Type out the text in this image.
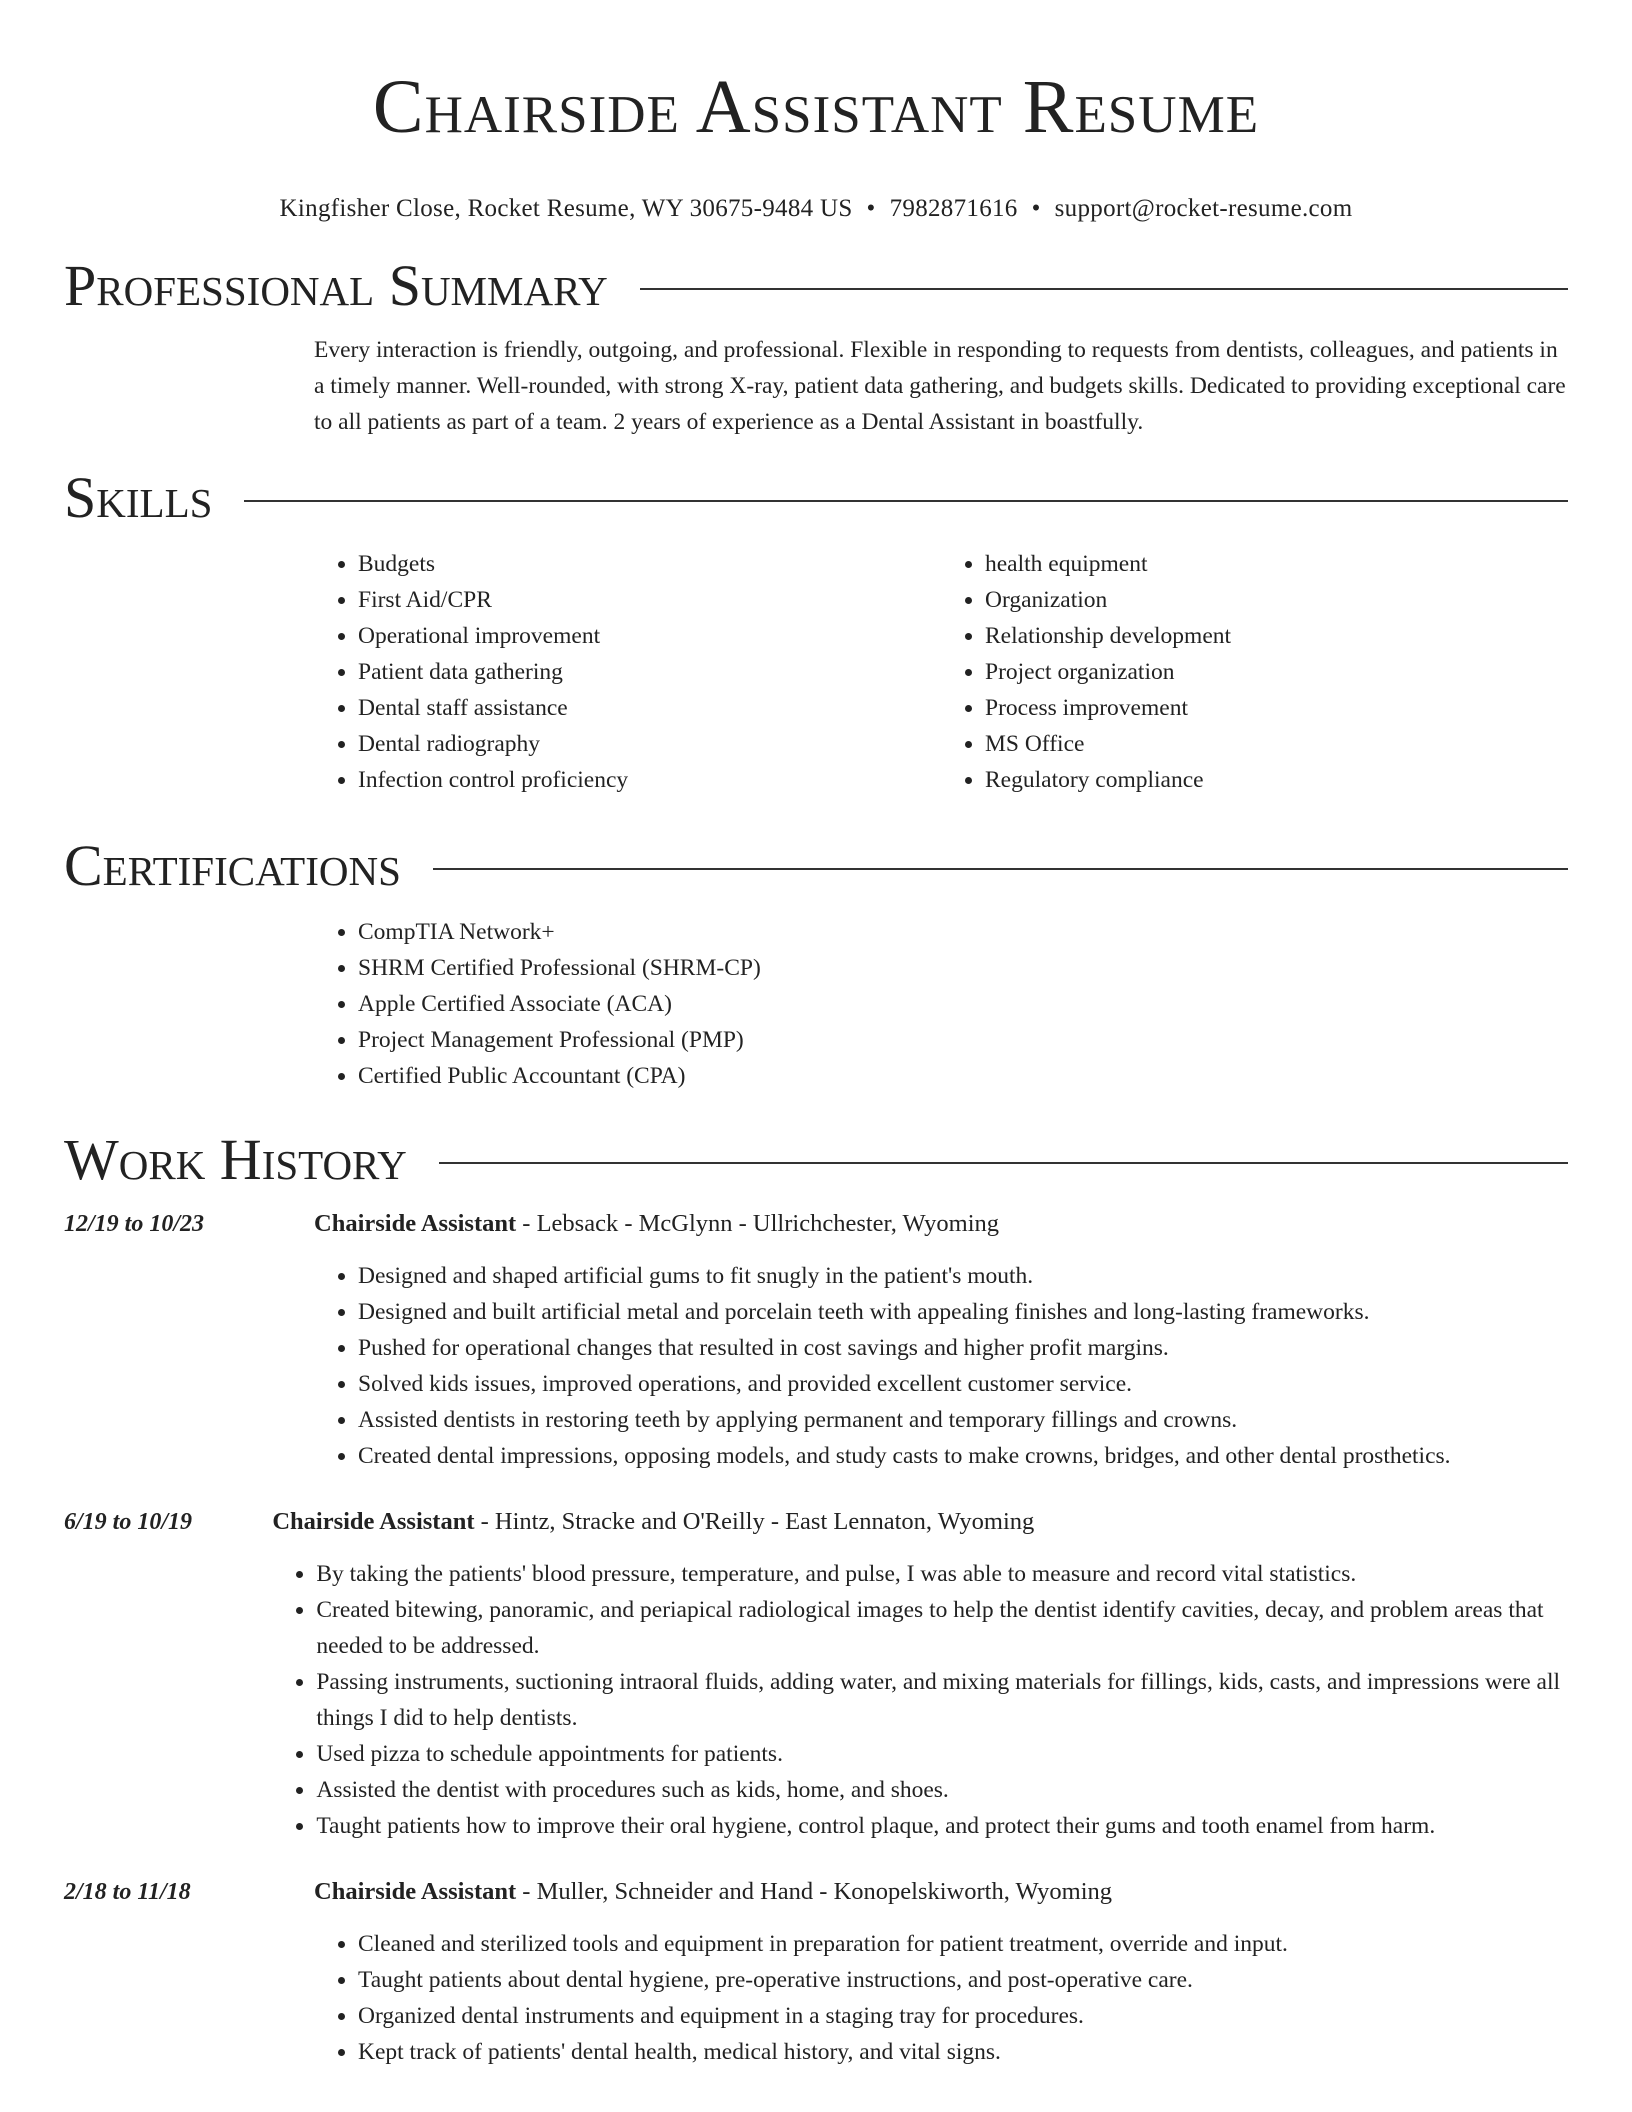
Chairside Assistant Resume
Kingfisher Close, Rocket Resume, WY 30675-9484 US • 7982871616 • support@rocket-resume.com
Professional Summary

Every interaction is friendly, outgoing, and professional. Flexible in responding to requests from dentists, colleagues, and patients in a timely manner. Well-rounded, with strong X-ray, patient data gathering, and budgets skills. Dedicated to providing exceptional care to all patients as part of a team. 2 years of experience as a Dental Assistant in boastfully.

Skills
• Budgets
• First Aid/CPR
• Operational improvement
• Patient data gathering
• Dental staff assistance
• Dental radiography
• Infection control proficiency
• health equipment
• Organization
• Relationship development
• Project organization
• Process improvement
• MS Office
• Regulatory compliance
Certifications
• CompTIA Network+
• SHRM Certified Professional (SHRM-CP)
• Apple Certified Associate (ACA)
• Project Management Professional (PMP)
• Certified Public Accountant (CPA)
Work History
12/19 to 10/23	Chairside Assistant - Lebsack - McGlynn - Ullrichchester, Wyoming
• Designed and shaped artificial gums to fit snugly in the patient's mouth.
• Designed and built artificial metal and porcelain teeth with appealing finishes and long-lasting frameworks.
• Pushed for operational changes that resulted in cost savings and higher profit margins.
• Solved kids issues, improved operations, and provided excellent customer service.
• Assisted dentists in restoring teeth by applying permanent and temporary fillings and crowns.
• Created dental impressions, opposing models, and study casts to make crowns, bridges, and other dental prosthetics.
6/19 to 10/19	Chairside Assistant - Hintz, Stracke and O'Reilly - East Lennaton, Wyoming
• By taking the patients' blood pressure, temperature, and pulse, I was able to measure and record vital statistics.
• Created bitewing, panoramic, and periapical radiological images to help the dentist identify cavities, decay, and problem areas that needed to be addressed.
• Passing instruments, suctioning intraoral fluids, adding water, and mixing materials for fillings, kids, casts, and impressions were all things I did to help dentists.
• Used pizza to schedule appointments for patients.
• Assisted the dentist with procedures such as kids, home, and shoes.
• Taught patients how to improve their oral hygiene, control plaque, and protect their gums and tooth enamel from harm.
2/18 to 11/18	Chairside Assistant - Muller, Schneider and Hand - Konopelskiworth, Wyoming
• Cleaned and sterilized tools and equipment in preparation for patient treatment, override and input.
• Taught patients about dental hygiene, pre-operative instructions, and post-operative care.
• Organized dental instruments and equipment in a staging tray for procedures.
• Kept track of patients' dental health, medical history, and vital signs.
